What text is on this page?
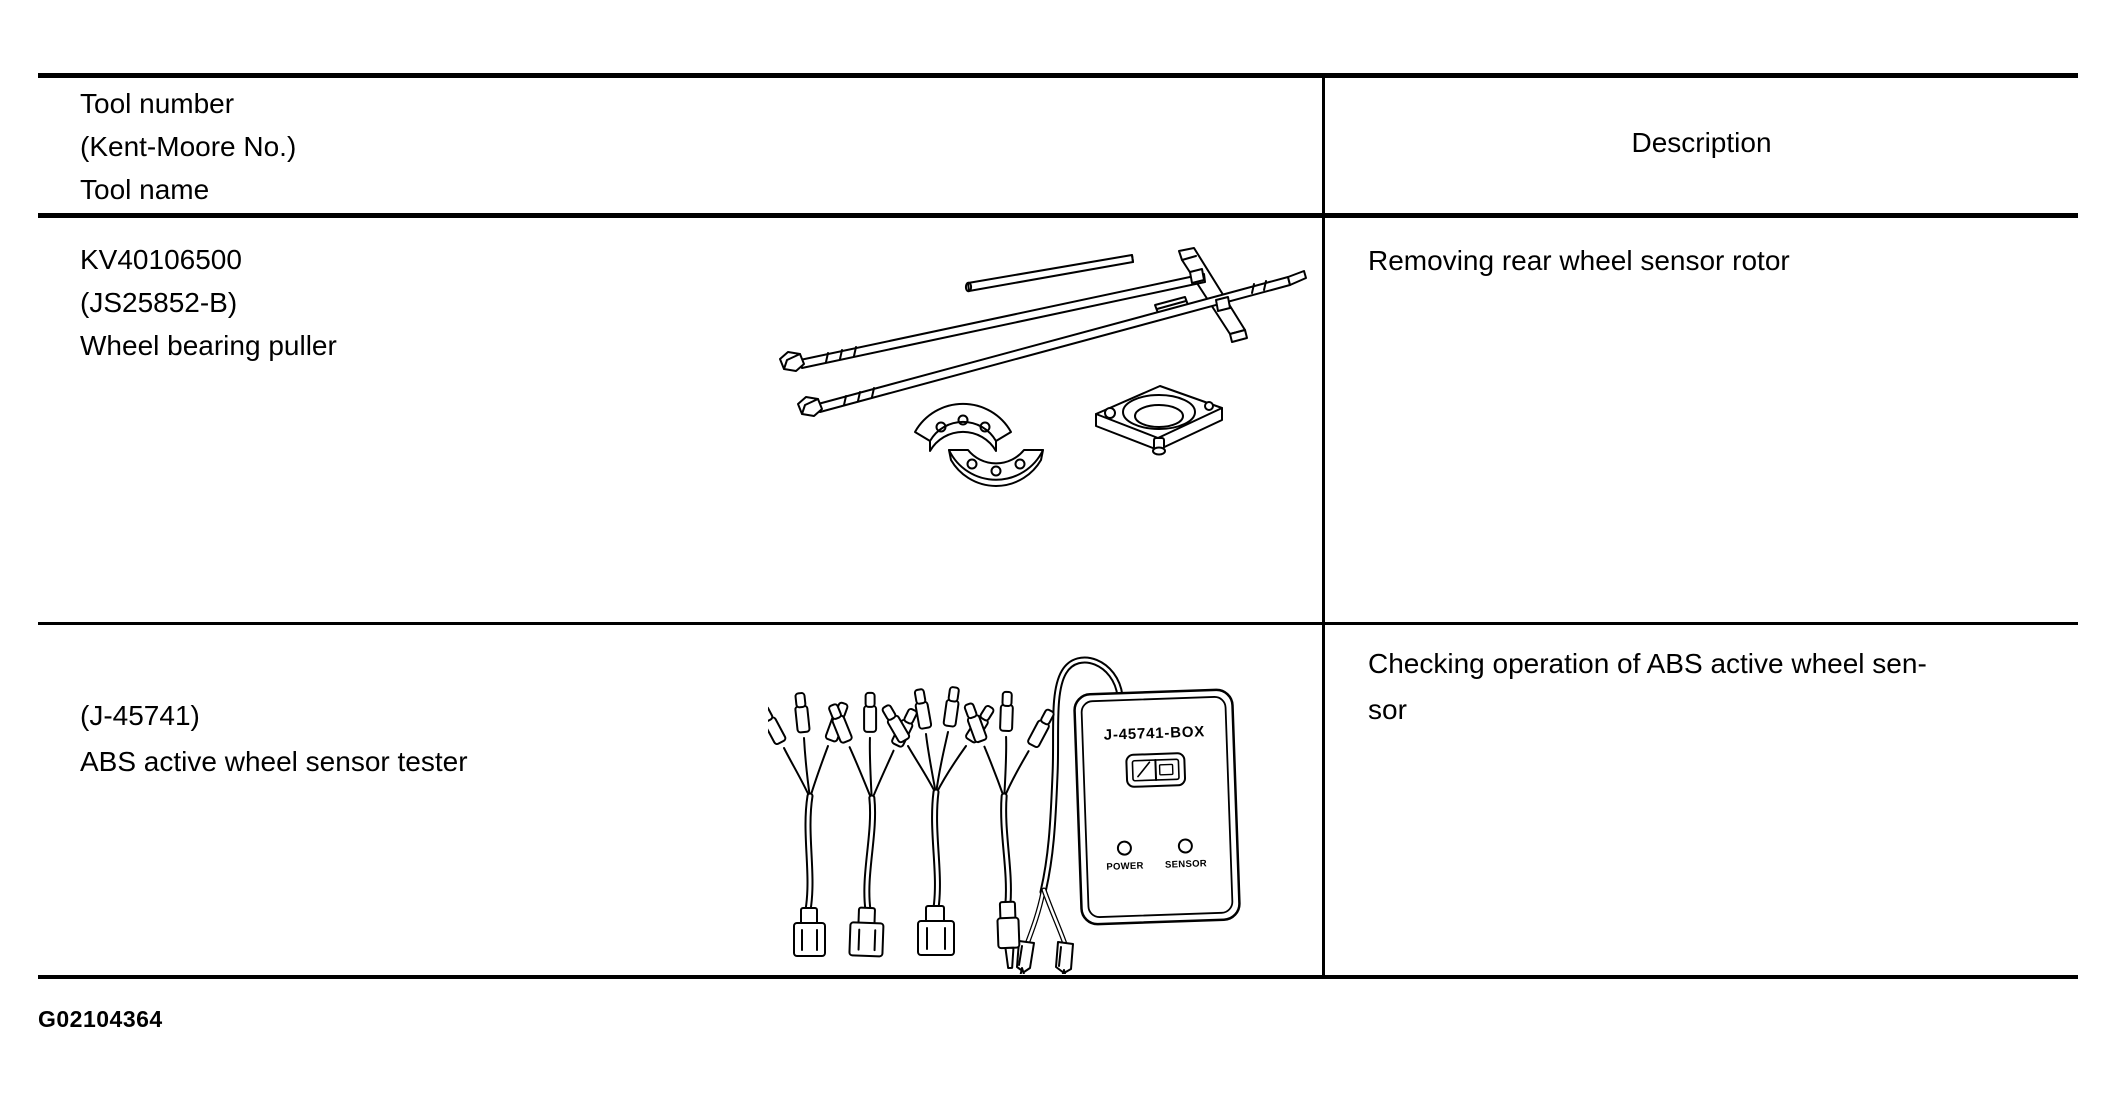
Tool number
(Kent-Moore No.)
Tool name
Description
KV40106500
(JS25852-B)
Wheel bearing puller
Removing rear wheel sensor rotor
(J-45741)
ABS active wheel sensor tester
Checking operation of ABS active wheel sen-
sor
J-45741-BOX
POWER SENSOR
G02104364
